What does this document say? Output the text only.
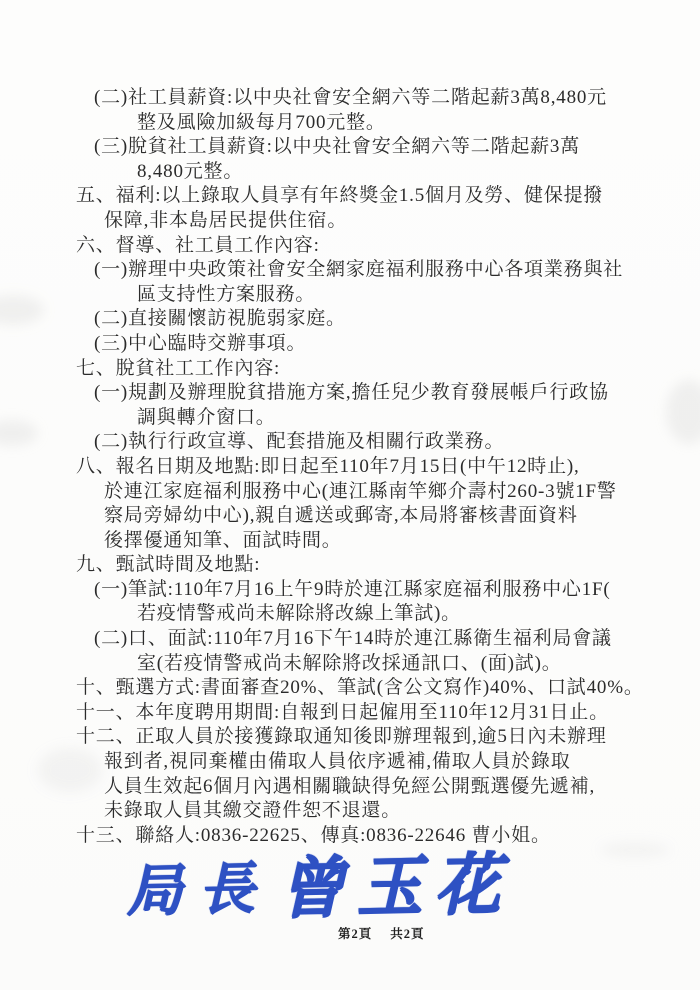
(二)社工員薪資:以中央社會安全網六等二階起薪3萬8,480元
整及風險加級每月700元整。
(三)脫貧社工員薪資:以中央社會安全網六等二階起薪3萬
8,480元整。
五、福利:以上錄取人員享有年終獎金1.5個月及勞、健保提撥
保障,非本島居民提供住宿。
六、督導、社工員工作內容:
(一)辦理中央政策社會安全網家庭福利服務中心各項業務與社
區支持性方案服務。
(二)直接關懷訪視脆弱家庭。
(三)中心臨時交辦事項。
七、脫貧社工工作內容:
(一)規劃及辦理脫貧措施方案,擔任兒少教育發展帳戶行政協
調與轉介窗口。
(二)執行行政宣導、配套措施及相關行政業務。
八、報名日期及地點:即日起至110年7月15日(中午12時止),
於連江家庭福利服務中心(連江縣南竿鄉介壽村260-3號1F警
察局旁婦幼中心),親自遞送或郵寄,本局將審核書面資料
後擇優通知筆、面試時間。
九、甄試時間及地點:
(一)筆試:110年7月16上午9時於連江縣家庭福利服務中心1F(
若疫情警戒尚未解除將改線上筆試)。
(二)口、面試:110年7月16下午14時於連江縣衛生福利局會議
室(若疫情警戒尚未解除將改採通訊口、(面)試)。
十、甄選方式:書面審查20%、筆試(含公文寫作)40%、口試40%。
十一、本年度聘用期間:自報到日起僱用至110年12月31日止。
十二、正取人員於接獲錄取通知後即辦理報到,逾5日內未辦理
報到者,視同棄權由備取人員依序遞補,備取人員於錄取
人員生效起6個月內遇相關職缺得免經公開甄選優先遞補,
未錄取人員其繳交證件恕不退還。
十三、聯絡人:0836-22625、傳真:0836-22646 曹小姐。
局長 曾玉花
第2頁 共2頁
